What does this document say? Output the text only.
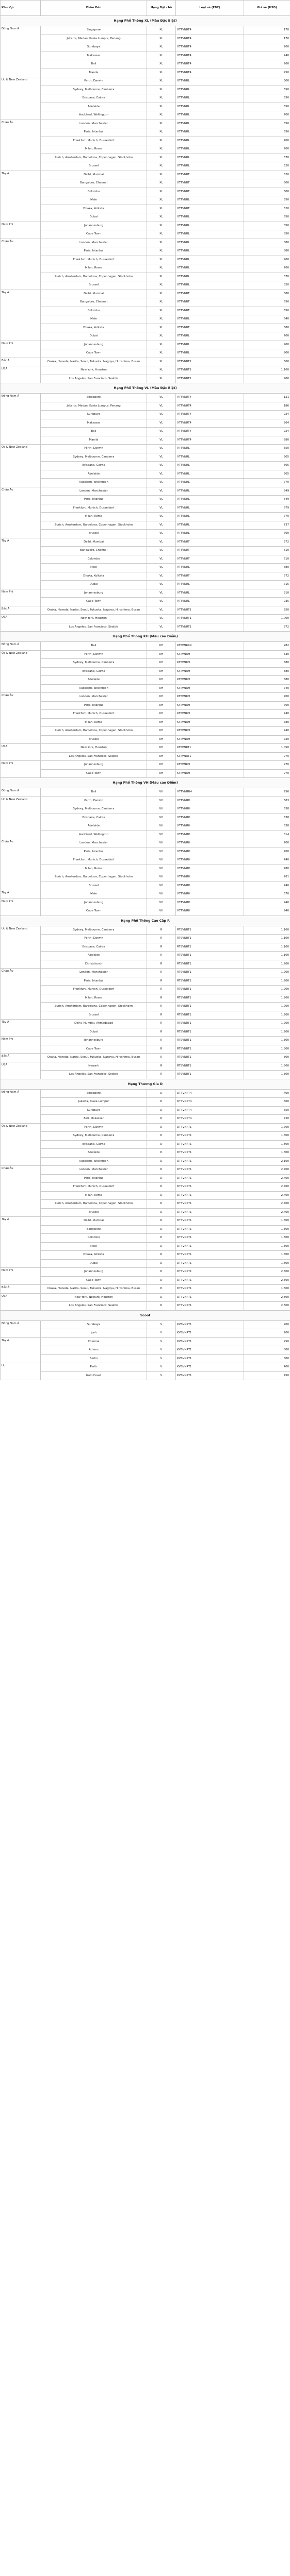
Khu Vực	Điểm Đến	Hạng Đặt chỗ	Loại vé (FBC)	Giá vé (USD)
Hạng Phổ Thông XL (Màu Đặc Biệt)				
Đông Nam Á	Singapore	XL	XTTVNRT4	170
	Jakarta, Medan, Kuala Lumpur, Penang	XL	XTTVNRT4	170
	Surabaya	XL	XTTVNRT4	200
	Makassar	XL	XTTVNRT4	240
	Bali	XL	XTTVNRT4	200
	Manila	XL	XTTVNRT4	250
Úc & New Zealand	Perth, Darwin	XL	XTTVNRL	500
	Sydney, Melbourne, Canberra	XL	XTTVNRL	550
	Brisbane, Cairns	XL	XTTVNRL	550
	Adelaide	XL	XTTVNRL	550
	Auckland, Wellington	XL	XTTVNRL	700
Châu Âu	London, Manchester	XL	XTTVNRL	650
	Paris, Istanbul	XL	XTTVNRL	650
	Frankfurt, Munich, Dusseldorf	XL	XTTVNRL	700
	Milan, Rome	XL	XTTVNRL	700
	Zurich, Amsterdam, Barcelona, Copenhagen, Stockholm	XL	XTTVNRL	670
	Brussel	XL	XTTVNRL	620
Tây Á	Delhi, Mumbai	XL	XTTVNRT	520
	Bangalore, Chennai	XL	XTTVNRT	600
	Colombo	XL	XTTVNRT	600
	Male	XL	XTTVNRL	650
	Dhaka, Kolkata	XL	XTTVNRT	520
	Dubai	XL	XTTVNRL	650
Nam Phi	Johannesburg	XL	XTTVNRL	850
	Cape Town	XL	XTTVNRL	850
Châu Âu	London, Manchester	XL	XTTVNRL	880
	Paris, Istanbul	XL	XTTVNRL	880
	Frankfurt, Munich, Dusseldorf	XL	XTTVNRL	900
	Milan, Rome	XL	XTTVNRL	700
	Zurich, Amsterdam, Barcelona, Copenhagen, Stockholm	XL	XTTVNRL	870
	Brussel	XL	XTTVNRL	820
Tây Á	Delhi, Mumbai	XL	XTTVNRT	580
	Bangalore, Chennai	XL	XTTVNRT	650
	Colombo	XL	XTTVNRT	650
	Male	XL	XTTVNRL	640
	Dhaka, Kolkata	XL	XTTVNRT	580
	Dubai	XL	XTTVNRL	700
Nam Phi	Johannesburg	XL	XTTVNRL	900
	Cape Town	XL	XTTVNRL	900
Bắc Á	Osaka, Haneda, Narita, Seoul, Fukuoka, Nagoya, Hiroshima, Busan	XL	XTTVNRT1	500
USA	New York, Houston	XL	XTTVNRT1	1,100
	Los Angeles, San Francisco, Seattle	XL	XTTVNRT1	900
Hạng Phổ Thông VL (Màu Đặc Biệt)				
Đông Nam Á	Singapore	VL	VTTVNRT4	121
	Jakarta, Medan, Kuala Lumpur, Penang	VL	VTTVNRT4	186
	Surabaya	VL	VTTVNRT4	224
	Makassar	VL	VTTVNRT4	264
	Bali	VL	VTTVNRT4	224
	Manila	VL	VTTVNRT4	280
Úc & New Zealand	Perth, Darwin	VL	VTTVNRL	550
	Sydney, Melbourne, Canberra	VL	VTTVNRL	605
	Brisbane, Cairns	VL	VTTVNRL	605
	Adelaide	VL	VTTVNRL	605
	Auckland, Wellington	VL	VTTVNRL	770
Châu Âu	London, Manchester	VL	VTTVNRL	649
	Paris, Istanbul	VL	VTTVNRL	649
	Frankfurt, Munich, Dusseldorf	VL	VTTVNRL	679
	Milan, Rome	VL	VTTVNRL	770
	Zurich, Amsterdam, Barcelona, Copenhagen, Stockholm	VL	VTTVNRL	737
	Brussel	VL	VTTVNRL	700
Tây Á	Delhi, Mumbai	VL	VTTVNRT	572
	Bangalore, Chennai	VL	VTTVNRT	610
	Colombo	VL	VTTVNRT	610
	Male	VL	VTTVNRL	680
	Dhaka, Kolkata	VL	VTTVNRT	572
	Dubai	VL	VTTVNRL	715
Nam Phi	Johannesburg	VL	VTTVNRL	910
	Cape Town	VL	VTTVNRL	935
Bắc Á	Osaka, Haneda, Narita, Seoul, Fukuoka, Nagoya, Hiroshima, Busan	VL	VTTVNRT1	550
USA	New York, Houston	VL	VTTVNRT1	1,000
	Los Angeles, San Francisco, Seattle	VL	VTTVNRT1	972
Hạng Phổ Thông KH (Màu cao Điểm)				
Đông Nam Á	Bali	KH	KTTVNRR4	282
Úc & New Zealand	Perth, Darwin	KH	KTTVNRH	530
	Sydney, Melbourne, Canberra	KH	KTTVNRH	580
	Brisbane, Cairns	KH	KTTVNRH	580
	Adelaide	KH	KTTVNRH	580
	Auckland, Wellington	KH	KTTVNRH	740
Châu Âu	London, Manchester	KH	KTTVNRH	700
	Paris, Istanbul	KH	KTTVNRH	700
	Frankfurt, Munich, Dusseldorf	KH	KTTVNRH	740
	Milan, Rome	KH	KTTVNRH	780
	Zurich, Amsterdam, Barcelona, Copenhagen, Stockholm	KH	KTTVNRH	740
	Brussel	KH	KTTVNRH	720
USA	New York, Houston	KH	KTTVNRT1	1,050
	Los Angeles, San Francisco, Seattle	KH	KTTVNRT1	970
Nam Phi	Johannesburg	KH	KTTVNRH	970
	Cape Town	KH	KTTVNRH	970
Hạng Phổ Thông VH (Màu cao Điểm)				
Đông Nam Á	Bali	VH	VTTVNRR4	256
Úc & New Zealand	Perth, Darwin	VH	VTTVNRH	583
	Sydney, Melbourne, Canberra	VH	VTTVNRH	638
	Brisbane, Cairns	VH	VTTVNRH	638
	Adelaide	VH	VTTVNRH	638
	Auckland, Wellington	VH	VTTVNRH	814
Châu Âu	London, Manchester	VH	VTTVNRH	700
	Paris, Istanbul	VH	VTTVNRH	700
	Frankfurt, Munich, Dusseldorf	VH	VTTVNRH	740
	Milan, Rome	VH	VTTVNRH	780
	Zurich, Amsterdam, Barcelona, Copenhagen, Stockholm	VH	VTTVNRH	761
	Brussel	VH	VTTVNRH	740
Tây Á	Male	VH	VTTVNRH	570
Nam Phi	Johannesburg	VH	VTTVNRH	940
	Cape Town	VH	VTTVNRH	940
Hạng Phổ Thông Cao Cấp R				
Úc & New Zealand	Sydney, Melbourne, Canberra	R	RTSVNRT1	1,100
	Perth, Darwin	R	RTSVNRT1	1,100
	Brisbane, Cairns	R	RTSVNRT1	1,100
	Adelaide	R	RTSVNRT1	1,100
	Christchurch	R	RTSVNRT1	1,200
Châu Âu	London, Manchester	R	RTSVNRT1	1,200
	Paris, Istanbul	R	RTSVNRT1	1,200
	Frankfurt, Munich, Dusseldorf	R	RTSVNRT1	1,200
	Milan, Rome	R	RTSVNRT1	1,200
	Zurich, Amsterdam, Barcelona, Copenhagen, Stockholm	R	RTSVNRT1	1,200
	Brussel	R	RTSVNRT1	1,200
Tây Á	Delhi, Mumbai, Ahmedabad	R	RTSVNRT1	1,200
	Dubai	R	RTSVNRT1	1,200
Nam Phi	Johannesburg	R	RTSVNRT1	1,300
	Cape Town	R	RTSVNRT1	1,300
Bắc Á	Osaka, Haneda, Narita, Seoul, Fukuoka, Nagoya, Hiroshima, Busan	R	RTSVNRT1	800
USA	Newark	R	RTSVNRT1	1,500
	Los Angeles, San Francisco, Seattle	R	RTSVNRT1	1,300
Hạng Thương Gia D				
Đông Nam Á	Singapore	D	DTTVNRT4	400
	Jakarta, Kuala Lumpur	D	DTTVNRT4	600
	Surabaya	D	DTTVNRT4	650
	Bali, Makassar	D	DTTVNRT4	720
Úc & New Zealand	Perth, Darwin	D	DTTVNRT1	1,700
	Sydney, Melbourne, Canberra	D	DTTVNRT1	1,800
	Brisbane, Cairns	D	DTTVNRT1	1,800
	Adelaide	D	DTTVNRT1	1,800
	Auckland, Wellington	D	DTTVNRT1	2,100
Châu Âu	London, Manchester	D	DTTVNRT1	2,400
	Paris, Istanbul	D	DTTVNRT1	2,400
	Frankfurt, Munich, Dusseldorf	D	DTTVNRT1	2,400
	Milan, Rome	D	DTTVNRT1	2,400
	Zurich, Amsterdam, Barcelona, Copenhagen, Stockholm	D	DTTVNRT1	2,400
	Brussel	D	DTTVNRT1	2,400
Tây Á	Delhi, Mumbai	D	DTTVNRT1	1,300
	Bangalore	D	DTTVNRT1	1,300
	Colombo	D	DTTVNRT1	1,300
	Male	D	DTTVNRT1	1,300
	Dhaka, Kolkata	D	DTTVNRT1	1,300
	Dubai	D	DTTVNRT1	1,800
Nam Phi	Johannesburg	D	DTTVNRT1	2,500
	Cape Town	D	DTTVNRT1	2,500
Bắc Á	Osaka, Haneda, Narita, Seoul, Fukuoka, Nagoya, Hiroshima, Busan	D	DTTVNRT1	1,600
USA	New York, Newark, Houston	D	DTTVNRT1	2,800
	Los Angeles, San Francisco, Seattle	D	DTTVNRT1	2,600
Scoot				
Đông Nam Á	Surabaya	V	KVSVNRT1	200
	Ipoh	V	KVSVNRT1	200
Tây Á	Chennai	V	KVSVNRT1	250
	Athens	V	KVSVNRT1	800
	Berlin	V	KVSVNRT1	800
Úc	Perth	V	KVSVNRT1	400
	Gold Coast	V	KVSVNRT1	450
